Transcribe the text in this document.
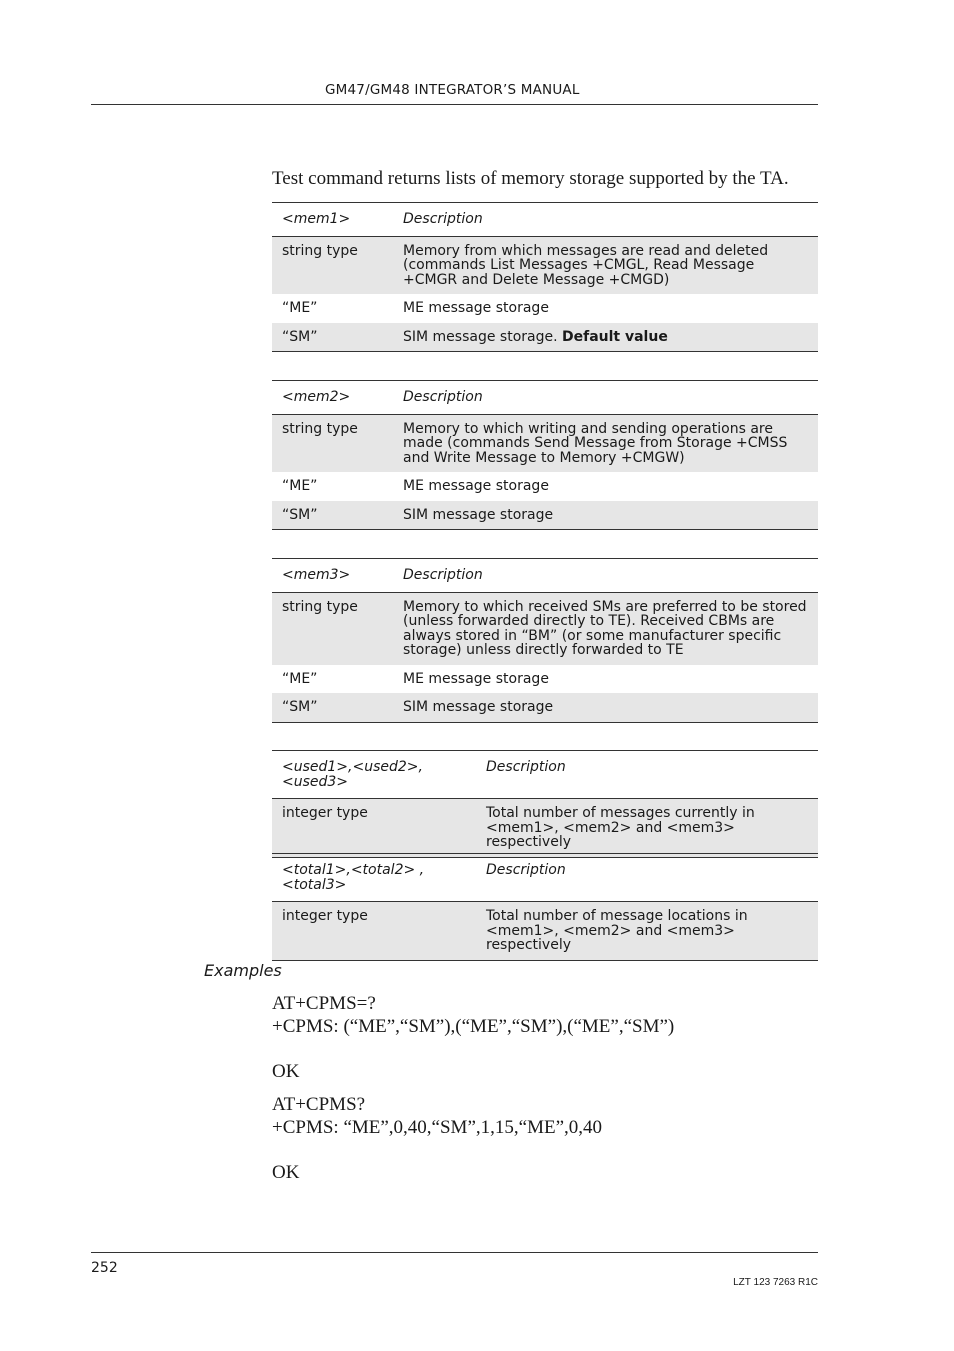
GM47/GM48 INTEGRATOR’S MANUAL
Test command returns lists of memory storage supported by the TA.
<mem1>	Description
string type	Memory from which messages are read and deleted (commands List Messages +CMGL, Read Message +CMGR and Delete Message +CMGD)
“ME”	ME message storage
“SM”	SIM message storage. Default value
<mem2>	Description
string type	Memory to which writing and sending operations are made (commands Send Message from Storage +CMSS and Write Message to Memory +CMGW)
“ME”	ME message storage
“SM”	SIM message storage
<mem3>	Description
string type	Memory to which received SMs are preferred to be stored (unless forwarded directly to TE). Received CBMs are always stored in “BM” (or some manufacturer specific storage) unless directly forwarded to TE
“ME”	ME message storage
“SM”	SIM message storage
<used1>,<used2>,<used3>	Description
integer type	Total number of messages currently in <mem1>, <mem2> and <mem3> respectively
<total1>,<total2> ,<total3>	Description
integer type	Total number of message locations in <mem1>, <mem2> and <mem3> respectively
Examples
AT+CPMS=?
+CPMS: (“ME”,“SM”),(“ME”,“SM”),(“ME”,“SM”)
OK
AT+CPMS?
+CPMS: “ME”,0,40,“SM”,1,15,“ME”,0,40
OK
252
LZT 123 7263 R1C
